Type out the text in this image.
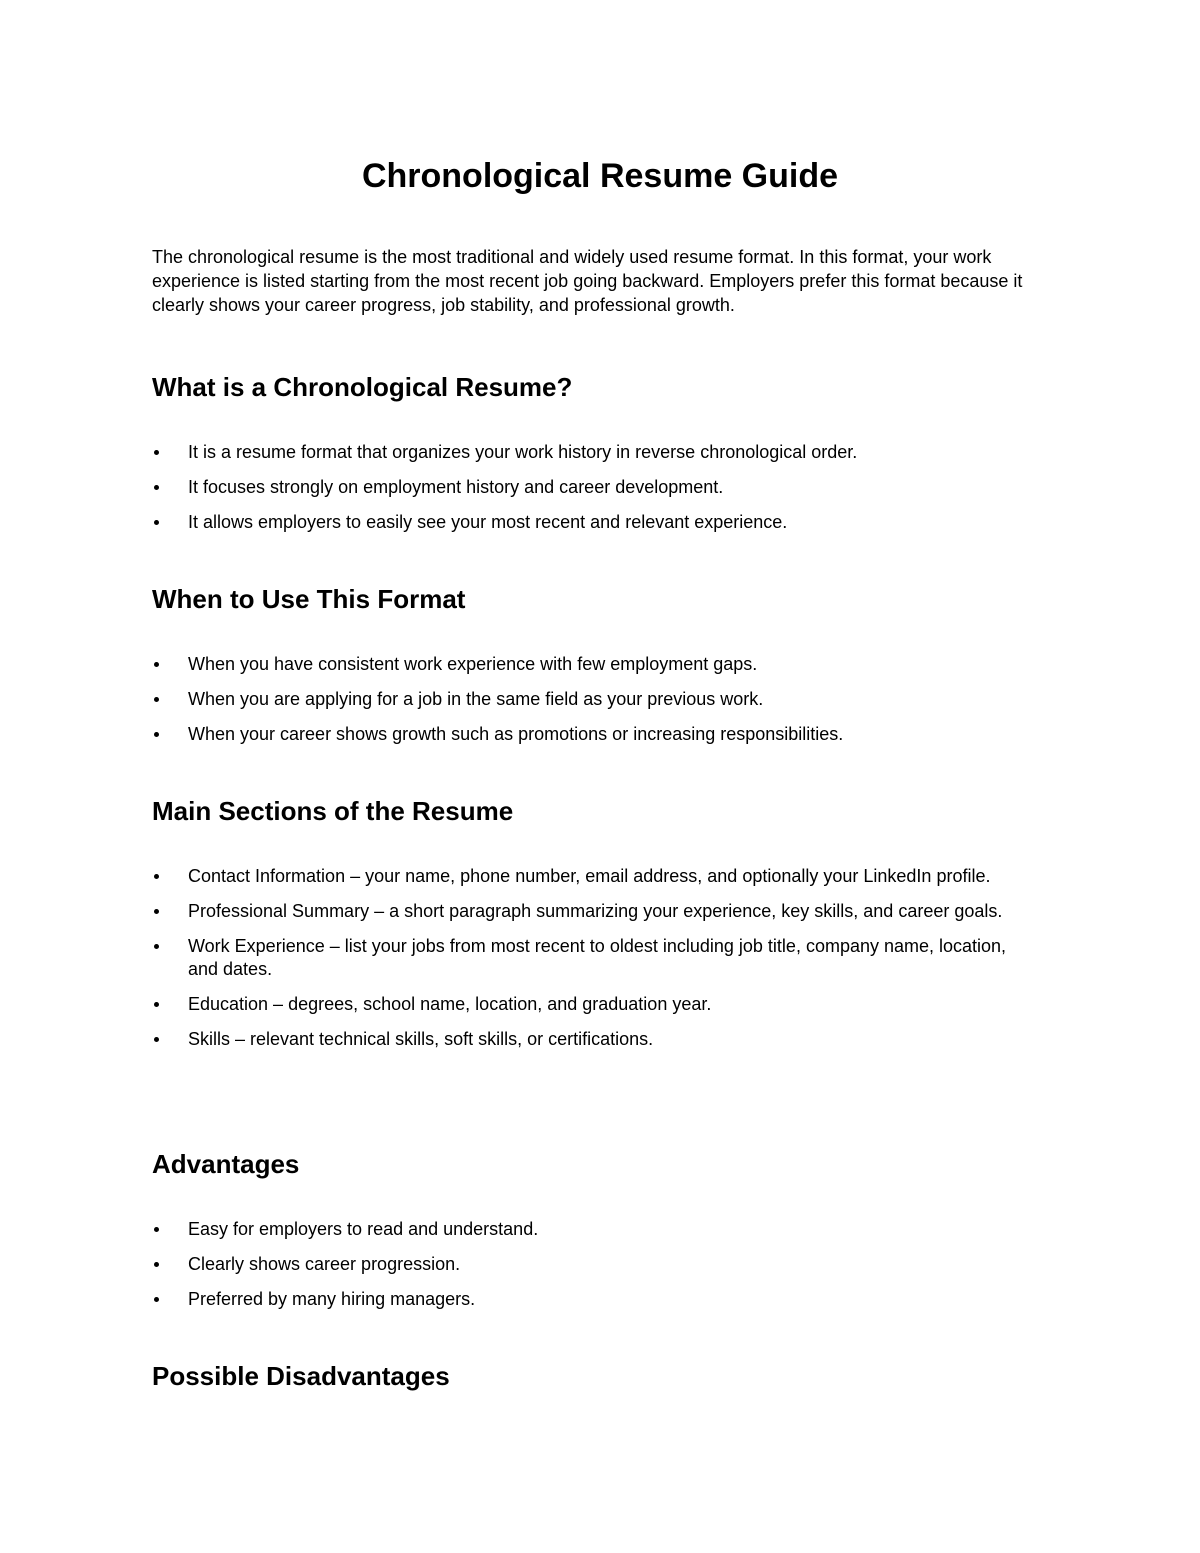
Chronological Resume Guide

The chronological resume is the most traditional and widely used resume format. In this format, your work experience is listed starting from the most recent job going backward. Employers prefer this format because it clearly shows your career progress, job stability, and professional growth.

What is a Chronological Resume?
It is a resume format that organizes your work history in reverse chronological order.
It focuses strongly on employment history and career development.
It allows employers to easily see your most recent and relevant experience.
When to Use This Format
When you have consistent work experience with few employment gaps.
When you are applying for a job in the same field as your previous work.
When your career shows growth such as promotions or increasing responsibilities.
Main Sections of the Resume
Contact Information – your name, phone number, email address, and optionally your LinkedIn profile.
Professional Summary – a short paragraph summarizing your experience, key skills, and career goals.
Work Experience – list your jobs from most recent to oldest including job title, company name, location, and dates.
Education – degrees, school name, location, and graduation year.
Skills – relevant technical skills, soft skills, or certifications.
Advantages
Easy for employers to read and understand.
Clearly shows career progression.
Preferred by many hiring managers.
Possible Disadvantages
